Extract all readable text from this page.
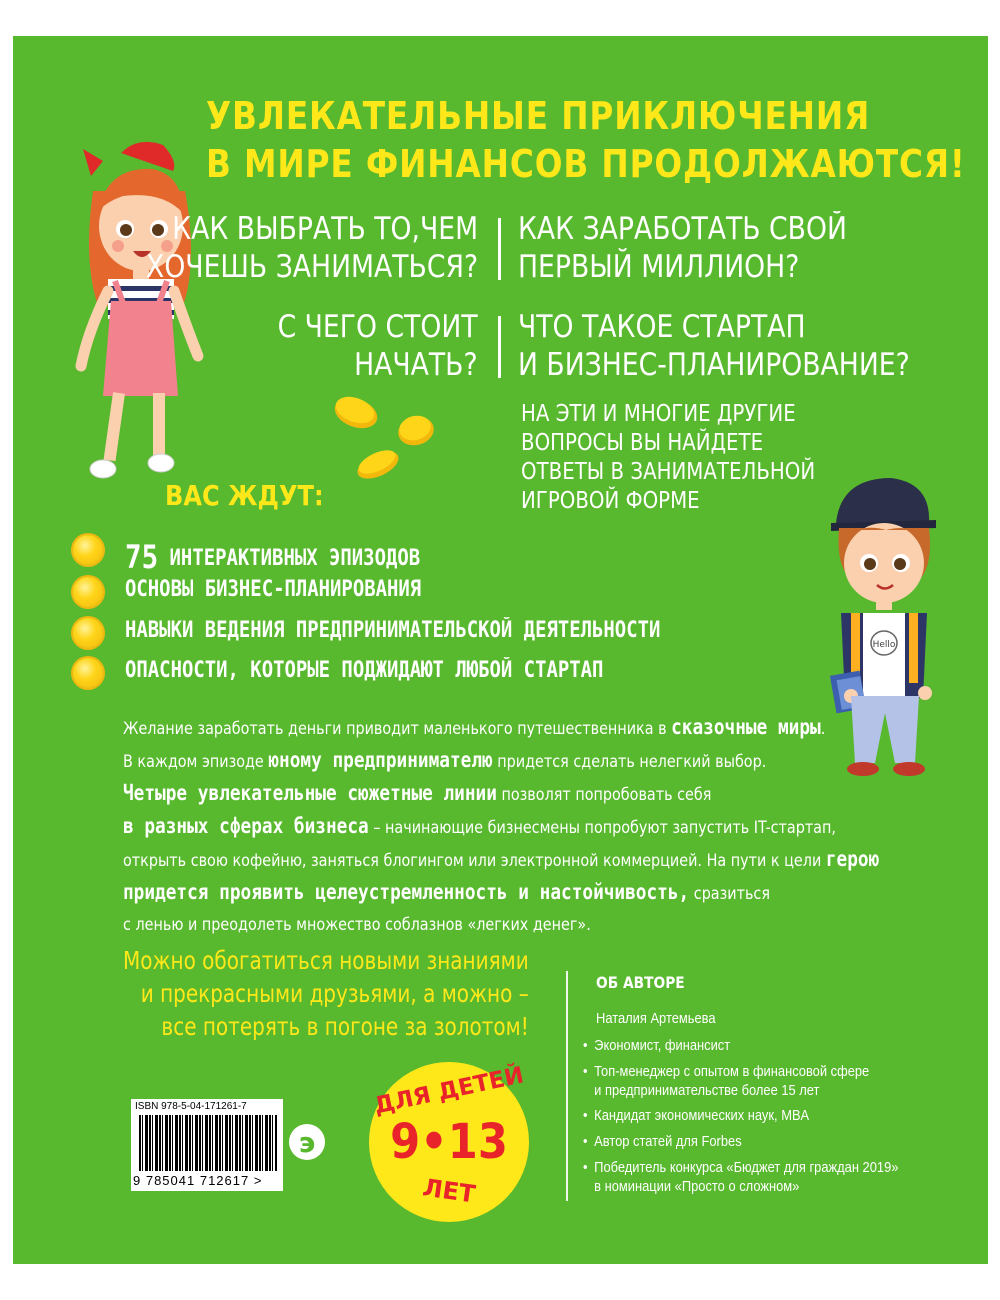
УВЛЕКАТЕЛЬНЫЕ ПРИКЛЮЧЕНИЯ
В МИРЕ ФИНАНСОВ ПРОДОЛЖАЮТСЯ!
КАК ВЫБРАТЬ ТО,ЧЕМ
ХОЧЕШЬ ЗАНИМАТЬСЯ?
КАК ЗАРАБОТАТЬ СВОЙ
ПЕРВЫЙ МИЛЛИОН?
С ЧЕГО СТОИТ
НАЧАТЬ?
ЧТО ТАКОЕ СТАРТАП
И БИЗНЕС-ПЛАНИРОВАНИЕ?
НА ЭТИ И МНОГИЕ ДРУГИЕ
ВОПРОСЫ ВЫ НАЙДЕТЕ
ОТВЕТЫ В ЗАНИМАТЕЛЬНОЙ
ИГРОВОЙ ФОРМЕ
Hello
ВАС ЖДУТ:
75 ИНТЕРАКТИВНЫХ ЭПИЗОДОВ
ОСНОВЫ БИЗНЕС-ПЛАНИРОВАНИЯ
НАВЫКИ ВЕДЕНИЯ ПРЕДПРИНИМАТЕЛЬСКОЙ ДЕЯТЕЛЬНОСТИ
ОПАСНОСТИ, КОТОРЫЕ ПОДЖИДАЮТ ЛЮБОЙ СТАРТАП
Желание заработать деньги приводит маленького путешественника в сказочные миры.
В каждом эпизоде юному предпринимателю придется сделать нелегкий выбор.
Четыре увлекательные сюжетные линии позволят попробовать себя
в разных сферах бизнеса – начинающие бизнесмены попробуют запустить IT-стартап,
открыть свою кофейню, заняться блогингом или электронной коммерцией. На пути к цели герою
придется проявить целеустремленность и настойчивость, сразиться
с ленью и преодолеть множество соблазнов «легких денег».
Можно обогатиться новыми знаниями
и прекрасными друзьями, а можно –
все потерять в погоне за золотом!
ОБ АВТОРЕ
Наталия Артемьева
• Экономист, финансист
• Топ-менеджер с опытом в финансовой сфере
и предпринимательстве более 15 лет
• Кандидат экономических наук, MBA
• Автор статей для Forbes
• Победитель конкурса «Бюджет для граждан 2019»
в номинации «Просто о сложном»
ISBN 978-5-04-171261-7
9 785041 712617 >
э
ДЛЯ ДЕТЕЙ
9•13
ЛЕТ
